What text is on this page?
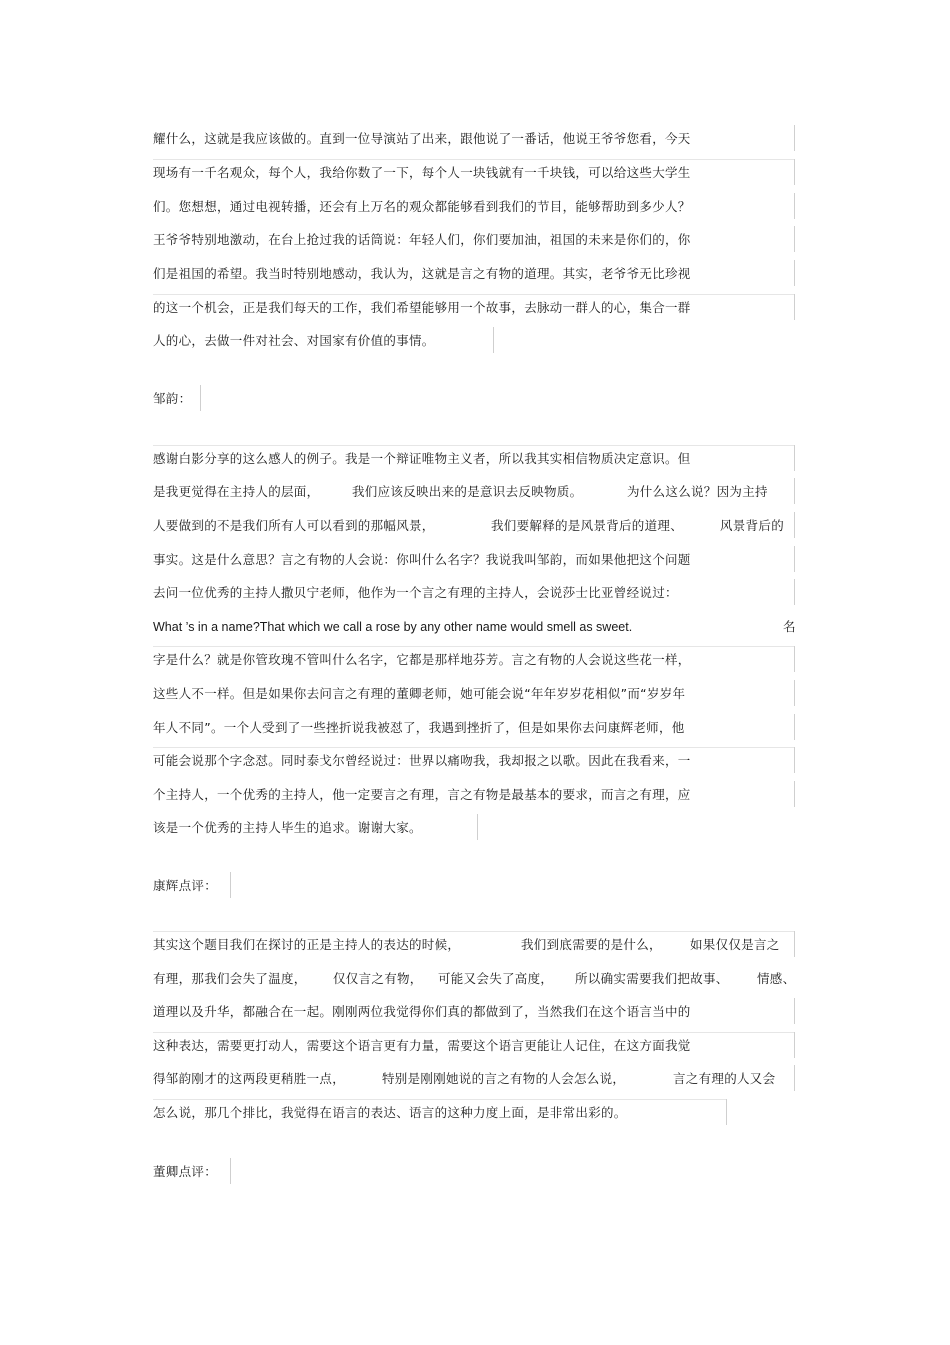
耀什么，这就是我应该做的。直到一位导演站了出来，跟他说了一番话，他说王爷爷您看，今天
现场有一千名观众，每个人，我给你数了一下，每个人一块钱就有一千块钱，可以给这些大学生
们。您想想，通过电视转播，还会有上万名的观众都能够看到我们的节目，能够帮助到多少人？
王爷爷特别地激动，在台上抢过我的话筒说：年轻人们，你们要加油，祖国的未来是你们的，你
们是祖国的希望。我当时特别地感动，我认为，这就是言之有物的道理。其实，老爷爷无比珍视
的这一个机会，正是我们每天的工作，我们希望能够用一个故事，去脉动一群人的心，集合一群
人的心，去做一件对社会、对国家有价值的事情。
邹韵：
感谢白影分享的这么感人的例子。我是一个辩证唯物主义者，所以我其实相信物质决定意识。但

是我更觉得在主持人的层面，

	我们应该反映出来的是意识去反映物质。

	为什么这么说？因为主持

人要做到的不是我们所有人可以看到的那幅风景，

	我们要解释的是风景背后的道理、

	风景背后的

事实。这是什么意思？言之有物的人会说：你叫什么名字？我说我叫邹韵，而如果他把这个问题
去问一位优秀的主持人撒贝宁老师，他作为一个言之有理的主持人，会说莎士比亚曾经说过：

What ’s in a name?That which we call a rose by any other name would smell as sweet.

	名

字是什么？就是你管玫瑰不管叫什么名字，它都是那样地芬芳。言之有物的人会说这些花一样，
这些人不一样。但是如果你去问言之有理的董卿老师，她可能会说“年年岁岁花相似”而“岁岁年
年人不同”。一个人受到了一些挫折说我被怼了，我遇到挫折了，但是如果你去问康辉老师，他
可能会说那个字念怼。同时泰戈尔曾经说过：世界以痛吻我，我却报之以歌。因此在我看来，一
个主持人，一个优秀的主持人，他一定要言之有理，言之有物是最基本的要求，而言之有理，应
该是一个优秀的主持人毕生的追求。谢谢大家。
康辉点评：

其实这个题目我们在探讨的正是主持人的表达的时候，

	我们到底需要的是什么，

如果仅仅是言之

有理，那我们会失了温度，

仅仅言之有物，

可能又会失了高度，

所以确实需要我们把故事、

情感、

道理以及升华，都融合在一起。刚刚两位我觉得你们真的都做到了，当然我们在这个语言当中的
这种表达，需要更打动人，需要这个语言更有力量，需要这个语言更能让人记住，在这方面我觉

得邹韵刚才的这两段更稍胜一点，

	特别是刚刚她说的言之有物的人会怎么说，

	言之有理的人又会

怎么说，那几个排比，我觉得在语言的表达、语言的这种力度上面，是非常出彩的。
董卿点评：
